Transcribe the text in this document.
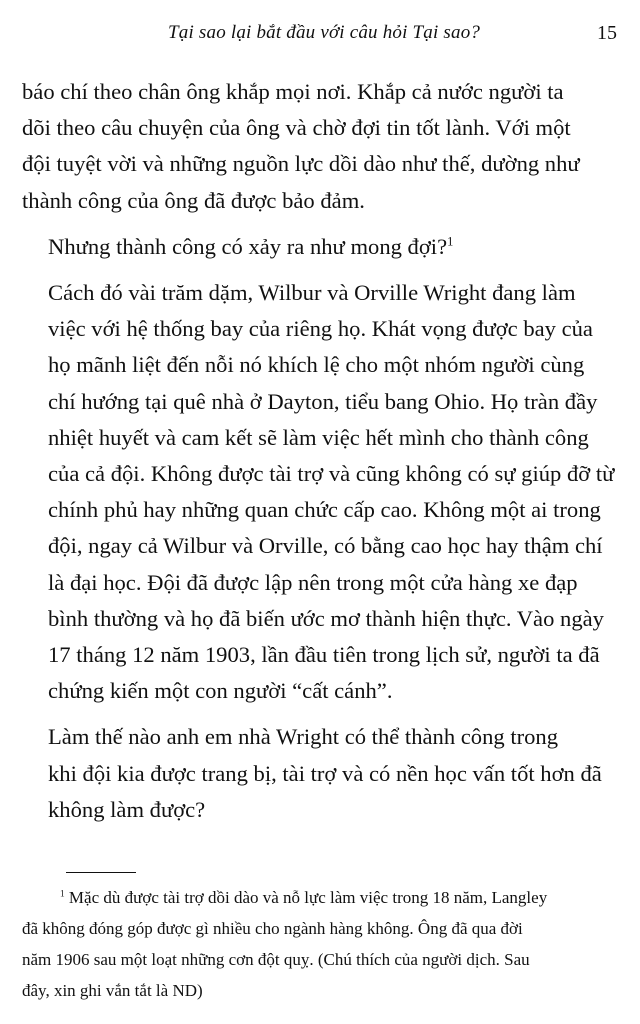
Tại sao lại bắt đầu với câu hỏi Tại sao?	15

báo chí theo chân ông khắp mọi nơi. Khắp cả nước người ta
dõi theo câu chuyện của ông và chờ đợi tin tốt lành. Với một
đội tuyệt vời và những nguồn lực dồi dào như thế, dường như
thành công của ông đã được bảo đảm.

Nhưng thành công có xảy ra như mong đợi?$^1$

Cách đó vài trăm dặm, Wilbur và Orville Wright đang làm
việc với hệ thống bay của riêng họ. Khát vọng được bay của
họ mãnh liệt đến nỗi nó khích lệ cho một nhóm người cùng
chí hướng tại quê nhà ở Dayton, tiểu bang Ohio. Họ tràn đầy
nhiệt huyết và cam kết sẽ làm việc hết mình cho thành công
của cả đội. Không được tài trợ và cũng không có sự giúp đỡ từ
chính phủ hay những quan chức cấp cao. Không một ai trong
đội, ngay cả Wilbur và Orville, có bằng cao học hay thậm chí
là đại học. Đội đã được lập nên trong một cửa hàng xe đạp
bình thường và họ đã biến ước mơ thành hiện thực. Vào ngày
17 tháng 12 năm 1903, lần đầu tiên trong lịch sử, người ta đã
chứng kiến một con người “cất cánh”.

Làm thế nào anh em nhà Wright có thể thành công trong
khi đội kia được trang bị, tài trợ và có nền học vấn tốt hơn đã
không làm được?

$^1$ Mặc dù được tài trợ dồi dào và nỗ lực làm việc trong 18 năm, Langley
đã không đóng góp được gì nhiều cho ngành hàng không. Ông đã qua đời
năm 1906 sau một loạt những cơn đột quỵ. (Chú thích của người dịch. Sau
đây, xin ghi vắn tắt là ND)
